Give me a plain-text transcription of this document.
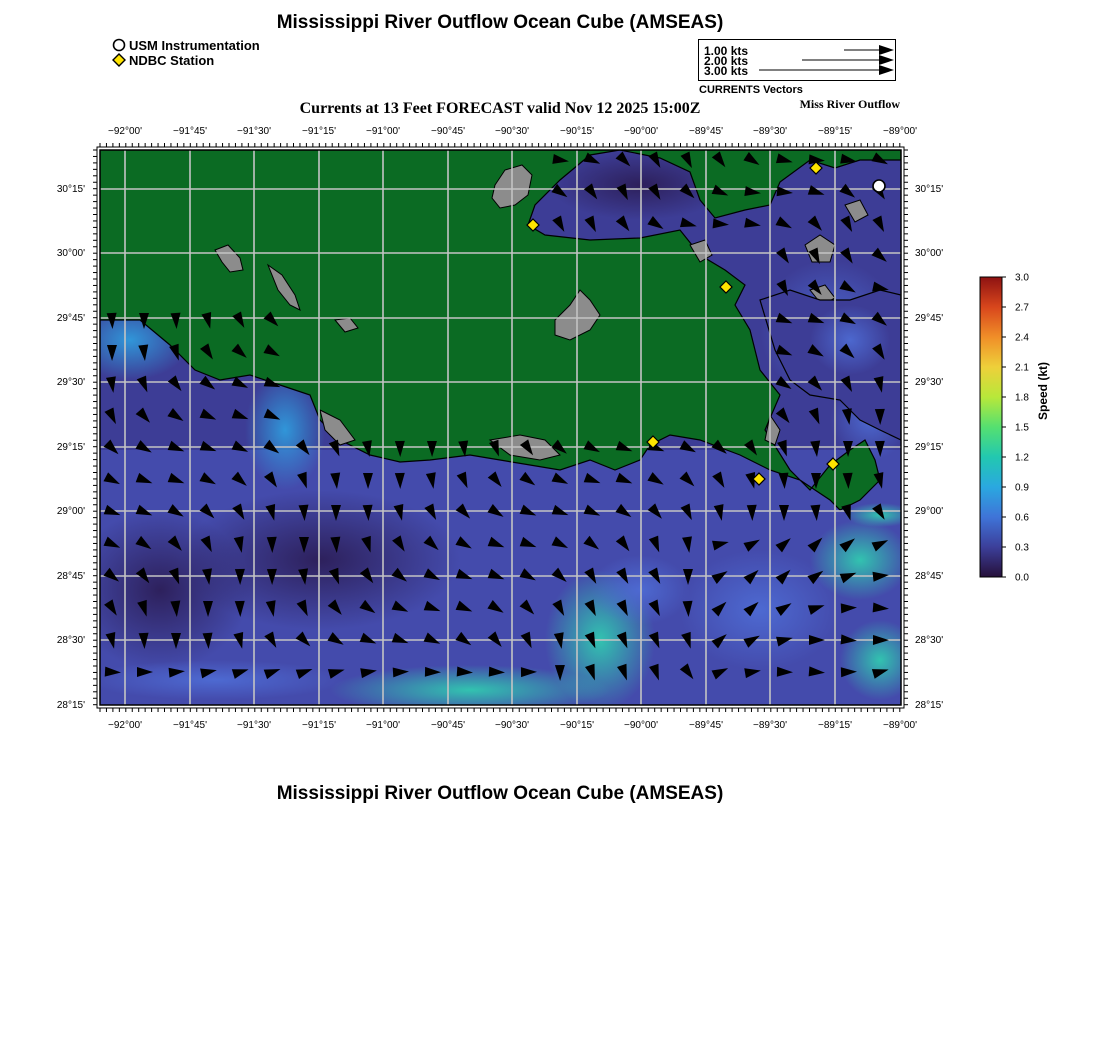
Mississippi River Outflow Ocean Cube (AMSEAS)
USM Instrumentation
NDBC Station
1.00 kts
2.00 kts
3.00 kts
CURRENTS Vectors
Currents at 13 Feet FORECAST valid Nov 12 2025 15:00Z	Miss River Outflow
−92°00'	−91°45'	−91°30'	−91°15'	−91°00'	−90°45'	−90°30'	−90°15'	−90°00'	−89°45'	−89°30'	−89°15'	−89°00'
−92°00'	−91°45'	−91°30'	−91°15'	−91°00'	−90°45'	−90°30'	−90°15'	−90°00'	−89°45'	−89°30'	−89°15'	−89°00'
30°15'
30°00'
29°45'
29°30'
29°15'
29°00'
28°45'
28°30'
28°15'
30°15'
30°00'
29°45'
29°30'
29°15'
29°00'
28°45'
28°30'
28°15'
3.0
2.7
2.4
2.1
1.8
1.5
1.2
0.9
0.6
0.3
0.0
Speed (kt)
Mississippi River Outflow Ocean Cube (AMSEAS)
